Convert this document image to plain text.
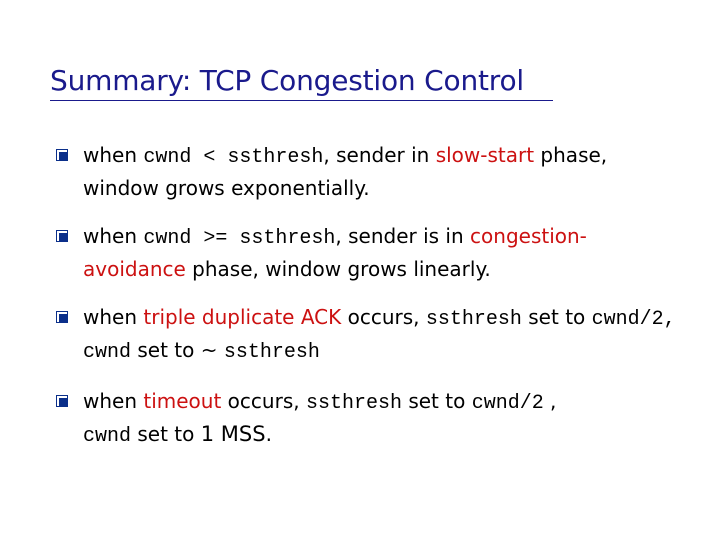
Summary: TCP Congestion Control
when cwnd < ssthresh, sender in slow-start phase, window grows exponentially.
when cwnd >= ssthresh, sender is in congestion-avoidance phase, window grows linearly.
when triple duplicate ACK occurs, ssthresh set to cwnd/2, cwnd set to ~ ssthresh
when timeout occurs, ssthresh set to cwnd/2 ,
cwnd set to 1 MSS.
